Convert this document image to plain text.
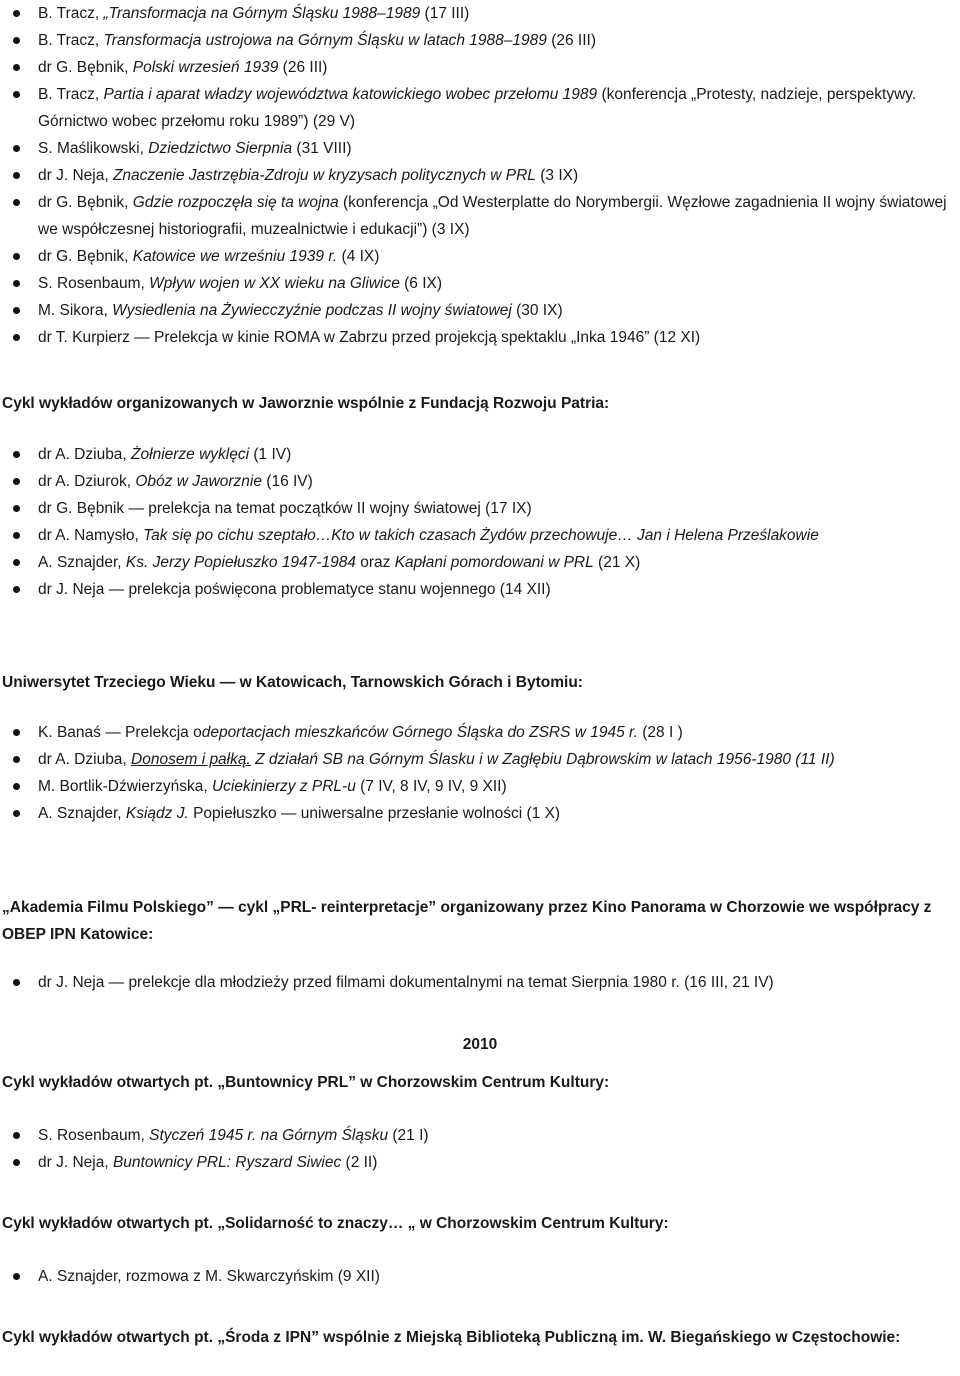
B. Tracz, „Transformacja na Górnym Śląsku 1988–1989 (17 III)
B. Tracz, Transformacja ustrojowa na Górnym Śląsku w latach 1988–1989 (26 III)
dr G. Bębnik, Polski wrzesień 1939 (26 III)
B. Tracz, Partia i aparat władzy województwa katowickiego wobec przełomu 1989 (konferencja „Protesty, nadzieje, perspektywy. Górnictwo wobec przełomu roku 1989”) (29 V)
S. Maślikowski, Dziedzictwo Sierpnia (31 VIII)
dr J. Neja, Znaczenie Jastrzębia-Zdroju w kryzysach politycznych w PRL (3 IX)
dr G. Bębnik, Gdzie rozpoczęła się ta wojna (konferencja „Od Westerplatte do Norymbergii. Węzłowe zagadnienia II wojny światowej we współczesnej historiografii, muzealnictwie i edukacji”) (3 IX)
dr G. Bębnik, Katowice we wrześniu 1939 r. (4 IX)
S. Rosenbaum, Wpływ wojen w XX wieku na Gliwice (6 IX)
M. Sikora, Wysiedlenia na Żywiecczyźnie podczas II wojny światowej (30 IX)
dr T. Kurpierz — Prelekcja w kinie ROMA w Zabrzu przed projekcją spektaklu „Inka 1946” (12 XI)
Cykl wykładów organizowanych w Jaworznie wspólnie z Fundacją Rozwoju Patria:
dr A. Dziuba, Żołnierze wyklęci (1 IV)
dr A. Dziurok, Obóz w Jaworznie (16 IV)
dr G. Bębnik — prelekcja na temat początków II wojny światowej (17 IX)
dr A. Namysło, Tak się po cichu szeptało…Kto w takich czasach Żydów przechowuje… Jan i Helena Prześlakowie
A. Sznajder, Ks. Jerzy Popiełuszko 1947-1984 oraz Kapłani pomordowani w PRL (21 X)
dr J. Neja — prelekcja poświęcona problematyce stanu wojennego (14 XII)
Uniwersytet Trzeciego Wieku — w Katowicach, Tarnowskich Górach i Bytomiu:
K. Banaś — Prelekcja odeportacjach mieszkańców Górnego Śląska do ZSRS w 1945 r. (28 I )
dr A. Dziuba, Donosem i pałką. Z działań SB na Górnym Ślasku i w Zagłębiu Dąbrowskim w latach 1956-1980 (11 II)
M. Bortlik-Dźwierzyńska, Uciekinierzy z PRL-u (7 IV, 8 IV, 9 IV, 9 XII)
A. Sznajder, Ksiądz J. Popiełuszko — uniwersalne przesłanie wolności (1 X)
„Akademia Filmu Polskiego” — cykl „PRL- reinterpretacje” organizowany przez Kino Panorama w Chorzowie we współpracy z OBEP IPN Katowice:
dr J. Neja — prelekcje dla młodzieży przed filmami dokumentalnymi na temat Sierpnia 1980 r. (16 III, 21 IV)
2010
Cykl wykładów otwartych pt. „Buntownicy PRL” w Chorzowskim Centrum Kultury:
S. Rosenbaum, Styczeń 1945 r. na Górnym Śląsku (21 I)
dr J. Neja, Buntownicy PRL: Ryszard Siwiec (2 II)
Cykl wykładów otwartych pt. „Solidarność to znaczy… „ w Chorzowskim Centrum Kultury:
A. Sznajder, rozmowa z M. Skwarczyńskim (9 XII)
Cykl wykładów otwartych pt. „Środa z IPN” wspólnie z Miejską Biblioteką Publiczną im. W. Biegańskiego w Częstochowie:
